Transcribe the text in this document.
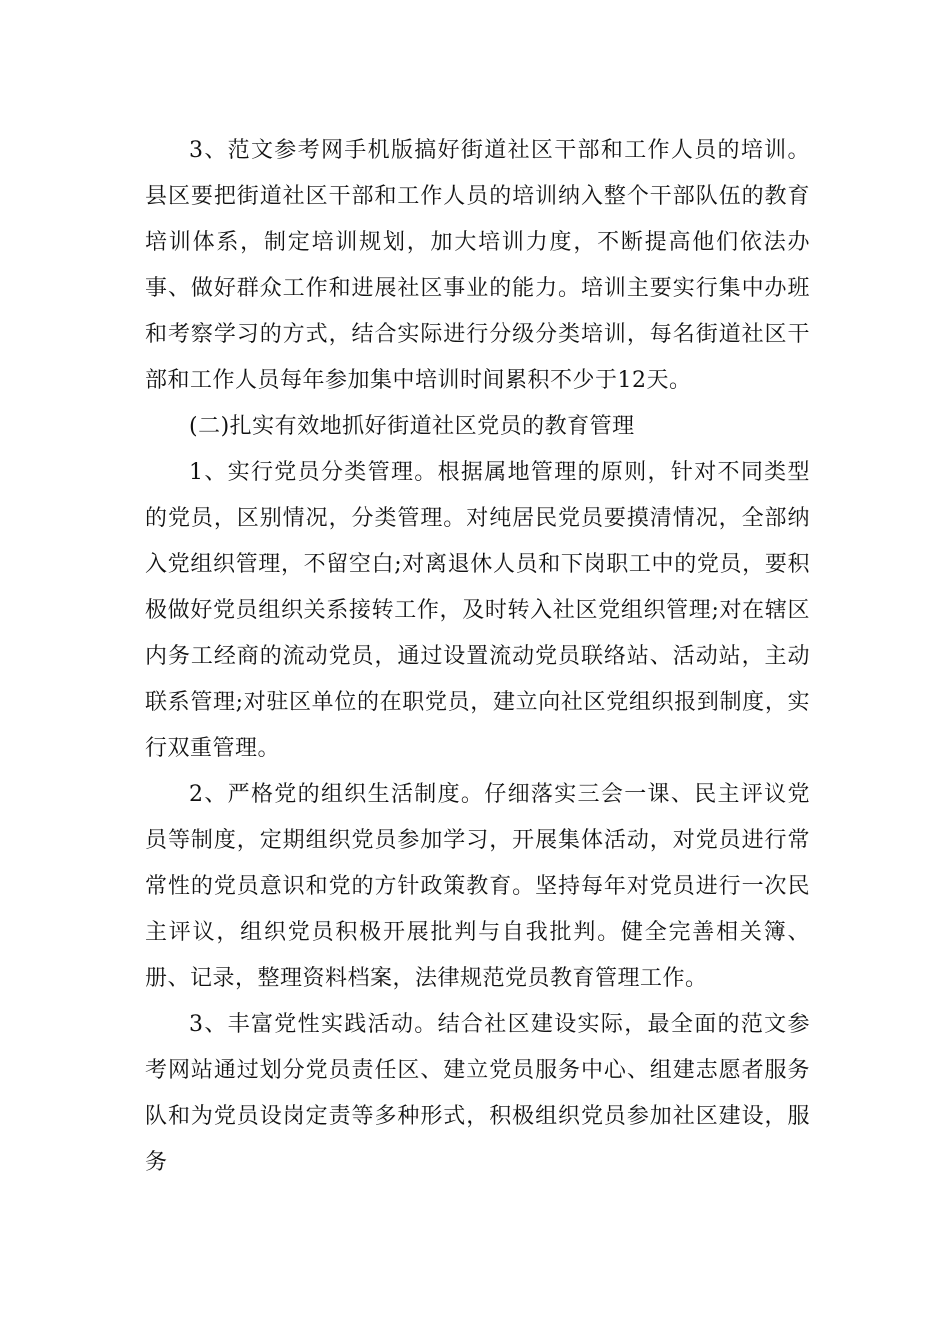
3、范文参考网手机版搞好街道社区干部和工作人员的培训。县区要把街道社区干部和工作人员的培训纳入整个干部队伍的教育培训体系，制定培训规划，加大培训力度，不断提高他们依法办事、做好群众工作和进展社区事业的能力。培训主要实行集中办班和考察学习的方式，结合实际进行分级分类培训，每名街道社区干部和工作人员每年参加集中培训时间累积不少于12天。

(二)扎实有效地抓好街道社区党员的教育管理

1、实行党员分类管理。根据属地管理的原则，针对不同类型的党员，区别情况，分类管理。对纯居民党员要摸清情况，全部纳入党组织管理，不留空白;对离退休人员和下岗职工中的党员，要积极做好党员组织关系接转工作，及时转入社区党组织管理;对在辖区内务工经商的流动党员，通过设置流动党员联络站、活动站，主动联系管理;对驻区单位的在职党员，建立向社区党组织报到制度，实行双重管理。

2、严格党的组织生活制度。仔细落实三会一课、民主评议党员等制度，定期组织党员参加学习，开展集体活动，对党员进行常常性的党员意识和党的方针政策教育。坚持每年对党员进行一次民主评议，组织党员积极开展批判与自我批判。健全完善相关簿、册、记录，整理资料档案，法律规范党员教育管理工作。

3、丰富党性实践活动。结合社区建设实际，最全面的范文参考网站通过划分党员责任区、建立党员服务中心、组建志愿者服务队和为党员设岗定责等多种形式，积极组织党员参加社区建设，服务
